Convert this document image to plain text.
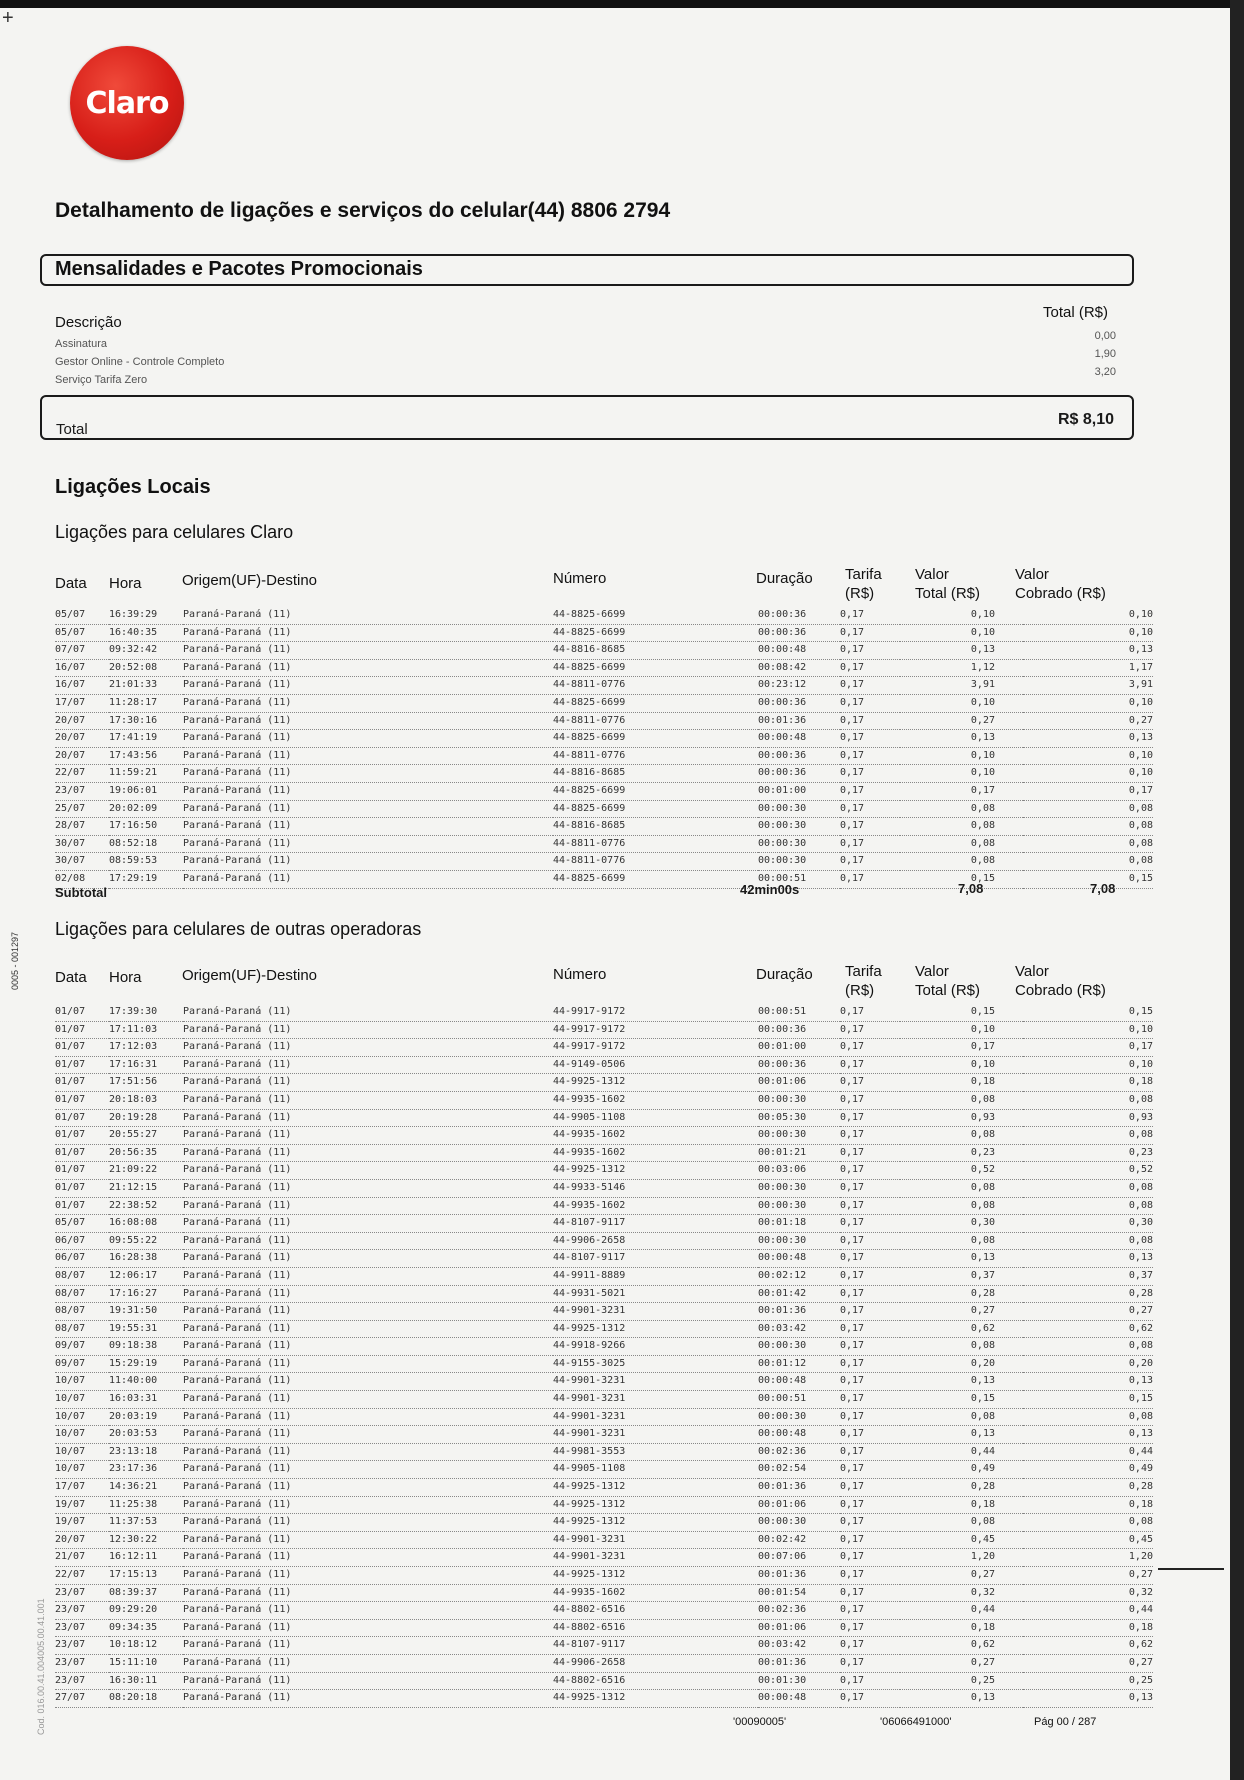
+
Claro
Detalhamento de ligações e serviços do celular(44) 8806 2794
Mensalidades e Pacotes Promocionais
Descrição
Total (R$)
Assinatura
0,00
Gestor Online - Controle Completo
1,90
Serviço Tarifa Zero
3,20
Total
R$ 8,10
Ligações Locais
Ligações para celulares Claro
Data Hora	Origem(UF)-Destino	Número	Duração Tarifa
(R$)
Valor
Total (R$)
Valor
Cobrado (R$)
05/07	16:39:29	Paraná-Paraná (11)	44-8825-6699	00:00:36	0,17	0,10	0,10
05/07	16:40:35	Paraná-Paraná (11)	44-8825-6699	00:00:36	0,17	0,10	0,10
07/07	09:32:42	Paraná-Paraná (11)	44-8816-8685	00:00:48	0,17	0,13	0,13
16/07	20:52:08	Paraná-Paraná (11)	44-8825-6699	00:08:42	0,17	1,12	1,17
16/07	21:01:33	Paraná-Paraná (11)	44-8811-0776	00:23:12	0,17	3,91	3,91
17/07	11:28:17	Paraná-Paraná (11)	44-8825-6699	00:00:36	0,17	0,10	0,10
20/07	17:30:16	Paraná-Paraná (11)	44-8811-0776	00:01:36	0,17	0,27	0,27
20/07	17:41:19	Paraná-Paraná (11)	44-8825-6699	00:00:48	0,17	0,13	0,13
20/07	17:43:56	Paraná-Paraná (11)	44-8811-0776	00:00:36	0,17	0,10	0,10
22/07	11:59:21	Paraná-Paraná (11)	44-8816-8685	00:00:36	0,17	0,10	0,10
23/07	19:06:01	Paraná-Paraná (11)	44-8825-6699	00:01:00	0,17	0,17	0,17
25/07	20:02:09	Paraná-Paraná (11)	44-8825-6699	00:00:30	0,17	0,08	0,08
28/07	17:16:50	Paraná-Paraná (11)	44-8816-8685	00:00:30	0,17	0,08	0,08
30/07	08:52:18	Paraná-Paraná (11)	44-8811-0776	00:00:30	0,17	0,08	0,08
30/07	08:59:53	Paraná-Paraná (11)	44-8811-0776	00:00:30	0,17	0,08	0,08
02/08	17:29:19	Paraná-Paraná (11)	44-8825-6699	00:00:51	0,17	0,15	0,15
Subtotal	42min00s	7,08	7,08
Ligações para celulares de outras operadoras
Data Hora	Origem(UF)-Destino	Número	Duração Tarifa
(R$)
Valor
Total (R$)
Valor
Cobrado (R$)
01/07	17:39:30	Paraná-Paraná (11)	44-9917-9172	00:00:51	0,17	0,15	0,15
01/07	17:11:03	Paraná-Paraná (11)	44-9917-9172	00:00:36	0,17	0,10	0,10
01/07	17:12:03	Paraná-Paraná (11)	44-9917-9172	00:01:00	0,17	0,17	0,17
01/07	17:16:31	Paraná-Paraná (11)	44-9149-0506	00:00:36	0,17	0,10	0,10
01/07	17:51:56	Paraná-Paraná (11)	44-9925-1312	00:01:06	0,17	0,18	0,18
01/07	20:18:03	Paraná-Paraná (11)	44-9935-1602	00:00:30	0,17	0,08	0,08
01/07	20:19:28	Paraná-Paraná (11)	44-9905-1108	00:05:30	0,17	0,93	0,93
01/07	20:55:27	Paraná-Paraná (11)	44-9935-1602	00:00:30	0,17	0,08	0,08
01/07	20:56:35	Paraná-Paraná (11)	44-9935-1602	00:01:21	0,17	0,23	0,23
01/07	21:09:22	Paraná-Paraná (11)	44-9925-1312	00:03:06	0,17	0,52	0,52
01/07	21:12:15	Paraná-Paraná (11)	44-9933-5146	00:00:30	0,17	0,08	0,08
01/07	22:38:52	Paraná-Paraná (11)	44-9935-1602	00:00:30	0,17	0,08	0,08
05/07	16:08:08	Paraná-Paraná (11)	44-8107-9117	00:01:18	0,17	0,30	0,30
06/07	09:55:22	Paraná-Paraná (11)	44-9906-2658	00:00:30	0,17	0,08	0,08
06/07	16:28:38	Paraná-Paraná (11)	44-8107-9117	00:00:48	0,17	0,13	0,13
08/07	12:06:17	Paraná-Paraná (11)	44-9911-8889	00:02:12	0,17	0,37	0,37
08/07	17:16:27	Paraná-Paraná (11)	44-9931-5021	00:01:42	0,17	0,28	0,28
08/07	19:31:50	Paraná-Paraná (11)	44-9901-3231	00:01:36	0,17	0,27	0,27
08/07	19:55:31	Paraná-Paraná (11)	44-9925-1312	00:03:42	0,17	0,62	0,62
09/07	09:18:38	Paraná-Paraná (11)	44-9918-9266	00:00:30	0,17	0,08	0,08
09/07	15:29:19	Paraná-Paraná (11)	44-9155-3025	00:01:12	0,17	0,20	0,20
10/07	11:40:00	Paraná-Paraná (11)	44-9901-3231	00:00:48	0,17	0,13	0,13
10/07	16:03:31	Paraná-Paraná (11)	44-9901-3231	00:00:51	0,17	0,15	0,15
10/07	20:03:19	Paraná-Paraná (11)	44-9901-3231	00:00:30	0,17	0,08	0,08
10/07	20:03:53	Paraná-Paraná (11)	44-9901-3231	00:00:48	0,17	0,13	0,13
10/07	23:13:18	Paraná-Paraná (11)	44-9981-3553	00:02:36	0,17	0,44	0,44
10/07	23:17:36	Paraná-Paraná (11)	44-9905-1108	00:02:54	0,17	0,49	0,49
17/07	14:36:21	Paraná-Paraná (11)	44-9925-1312	00:01:36	0,17	0,28	0,28
19/07	11:25:38	Paraná-Paraná (11)	44-9925-1312	00:01:06	0,17	0,18	0,18
19/07	11:37:53	Paraná-Paraná (11)	44-9925-1312	00:00:30	0,17	0,08	0,08
20/07	12:30:22	Paraná-Paraná (11)	44-9901-3231	00:02:42	0,17	0,45	0,45
21/07	16:12:11	Paraná-Paraná (11)	44-9901-3231	00:07:06	0,17	1,20	1,20
22/07	17:15:13	Paraná-Paraná (11)	44-9925-1312	00:01:36	0,17	0,27	0,27
23/07	08:39:37	Paraná-Paraná (11)	44-9935-1602	00:01:54	0,17	0,32	0,32
23/07	09:29:20	Paraná-Paraná (11)	44-8802-6516	00:02:36	0,17	0,44	0,44
23/07	09:34:35	Paraná-Paraná (11)	44-8802-6516	00:01:06	0,17	0,18	0,18
23/07	10:18:12	Paraná-Paraná (11)	44-8107-9117	00:03:42	0,17	0,62	0,62
23/07	15:11:10	Paraná-Paraná (11)	44-9906-2658	00:01:36	0,17	0,27	0,27
23/07	16:30:11	Paraná-Paraná (11)	44-8802-6516	00:01:30	0,17	0,25	0,25
27/07	08:20:18	Paraná-Paraná (11)	44-9925-1312	00:00:48	0,17	0,13	0,13
0005 - 001297
Cod. 016.00.41.004005.00.41.001	'00090005'	'06066491000'	Pág 00 / 287
